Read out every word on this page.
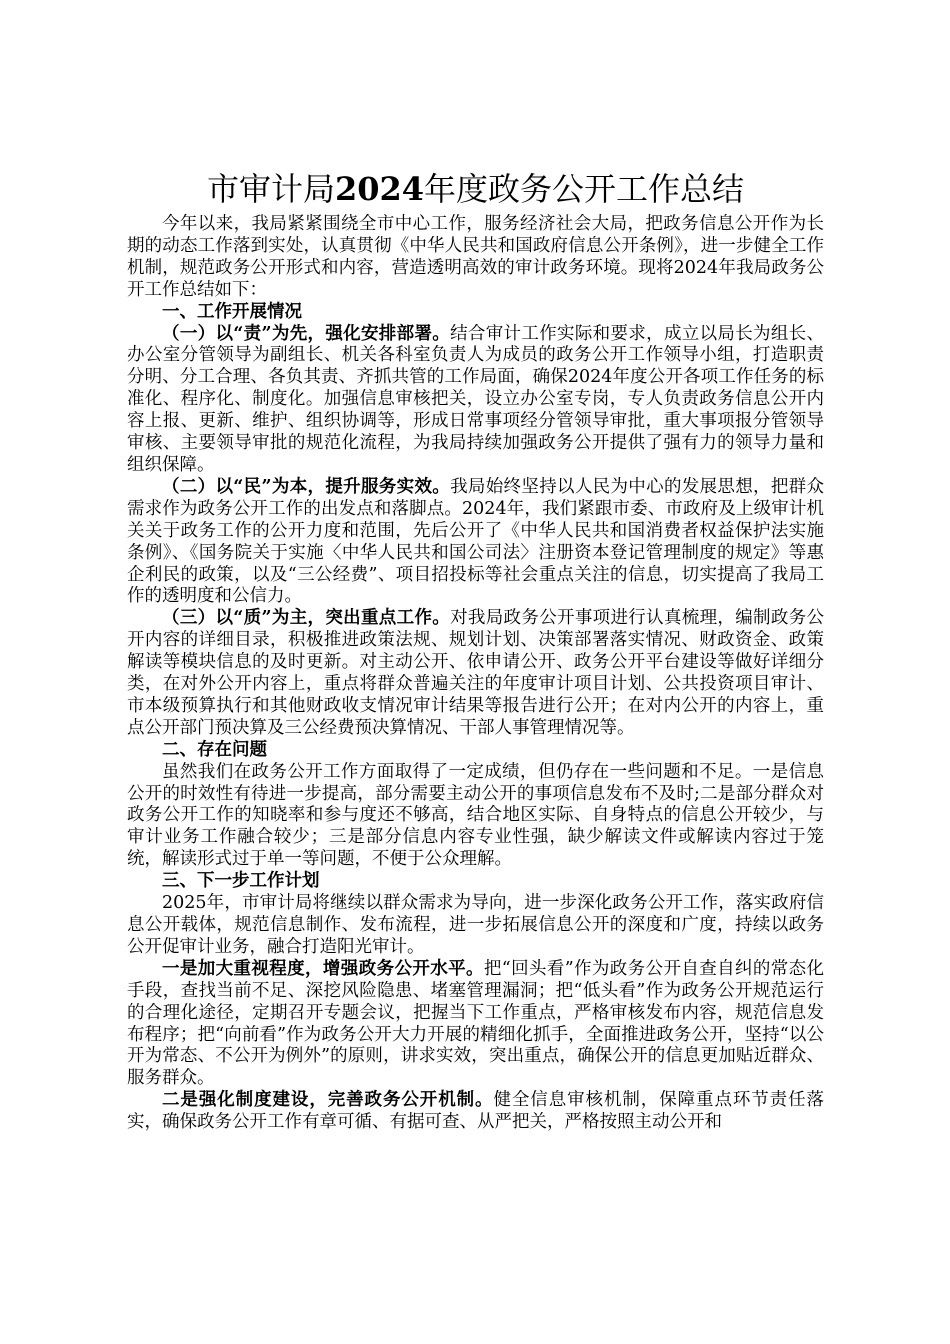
市审计局2024年度政务公开工作总结

今年以来，我局紧紧围绕全市中心工作，服务经济社会大局，把政务信息公开作为长期的动态工作落到实处，认真贯彻《中华人民共和国政府信息公开条例》，进一步健全工作机制，规范政务公开形式和内容，营造透明高效的审计政务环境。现将2024年我局政务公开工作总结如下：

一、工作开展情况

（一）以“责”为先，强化安排部署。结合审计工作实际和要求，成立以局长为组长、办公室分管领导为副组长、机关各科室负责人为成员的政务公开工作领导小组，打造职责分明、分工合理、各负其责、齐抓共管的工作局面，确保2024年度公开各项工作任务的标准化、程序化、制度化。加强信息审核把关，设立办公室专岗，专人负责政务信息公开内容上报、更新、维护、组织协调等，形成日常事项经分管领导审批，重大事项报分管领导审核、主要领导审批的规范化流程，为我局持续加强政务公开提供了强有力的领导力量和组织保障。

（二）以“民”为本，提升服务实效。我局始终坚持以人民为中心的发展思想，把群众需求作为政务公开工作的出发点和落脚点。2024年，我们紧跟市委、市政府及上级审计机关关于政务工作的公开力度和范围，先后公开了《中华人民共和国消费者权益保护法实施条例》、《国务院关于实施〈中华人民共和国公司法〉注册资本登记管理制度的规定》等惠企利民的政策，以及“三公经费”、项目招投标等社会重点关注的信息，切实提高了我局工作的透明度和公信力。

（三）以“质”为主，突出重点工作。对我局政务公开事项进行认真梳理，编制政务公开内容的详细目录，积极推进政策法规、规划计划、决策部署落实情况、财政资金、政策解读等模块信息的及时更新。对主动公开、依申请公开、政务公开平台建设等做好详细分类，在对外公开内容上，重点将群众普遍关注的年度审计项目计划、公共投资项目审计、市本级预算执行和其他财政收支情况审计结果等报告进行公开；在对内公开的内容上，重点公开部门预决算及三公经费预决算情况、干部人事管理情况等。

二、存在问题

虽然我们在政务公开工作方面取得了一定成绩，但仍存在一些问题和不足。一是信息公开的时效性有待进一步提高，部分需要主动公开的事项信息发布不及时;二是部分群众对政务公开工作的知晓率和参与度还不够高，结合地区实际、自身特点的信息公开较少，与审计业务工作融合较少；三是部分信息内容专业性强，缺少解读文件或解读内容过于笼统，解读形式过于单一等问题，不便于公众理解。

三、下一步工作计划

2025年，市审计局将继续以群众需求为导向，进一步深化政务公开工作，落实政府信息公开载体，规范信息制作、发布流程，进一步拓展信息公开的深度和广度，持续以政务公开促审计业务，融合打造阳光审计。

一是加大重视程度，增强政务公开水平。把“回头看”作为政务公开自查自纠的常态化手段，查找当前不足、深挖风险隐患、堵塞管理漏洞；把“低头看”作为政务公开规范运行的合理化途径，定期召开专题会议，把握当下工作重点，严格审核发布内容，规范信息发布程序；把“向前看”作为政务公开大力开展的精细化抓手，全面推进政务公开，坚持“以公开为常态、不公开为例外”的原则，讲求实效，突出重点，确保公开的信息更加贴近群众、服务群众。

二是强化制度建设，完善政务公开机制。健全信息审核机制，保障重点环节责任落实，确保政务公开工作有章可循、有据可查、从严把关，严格按照主动公开和
